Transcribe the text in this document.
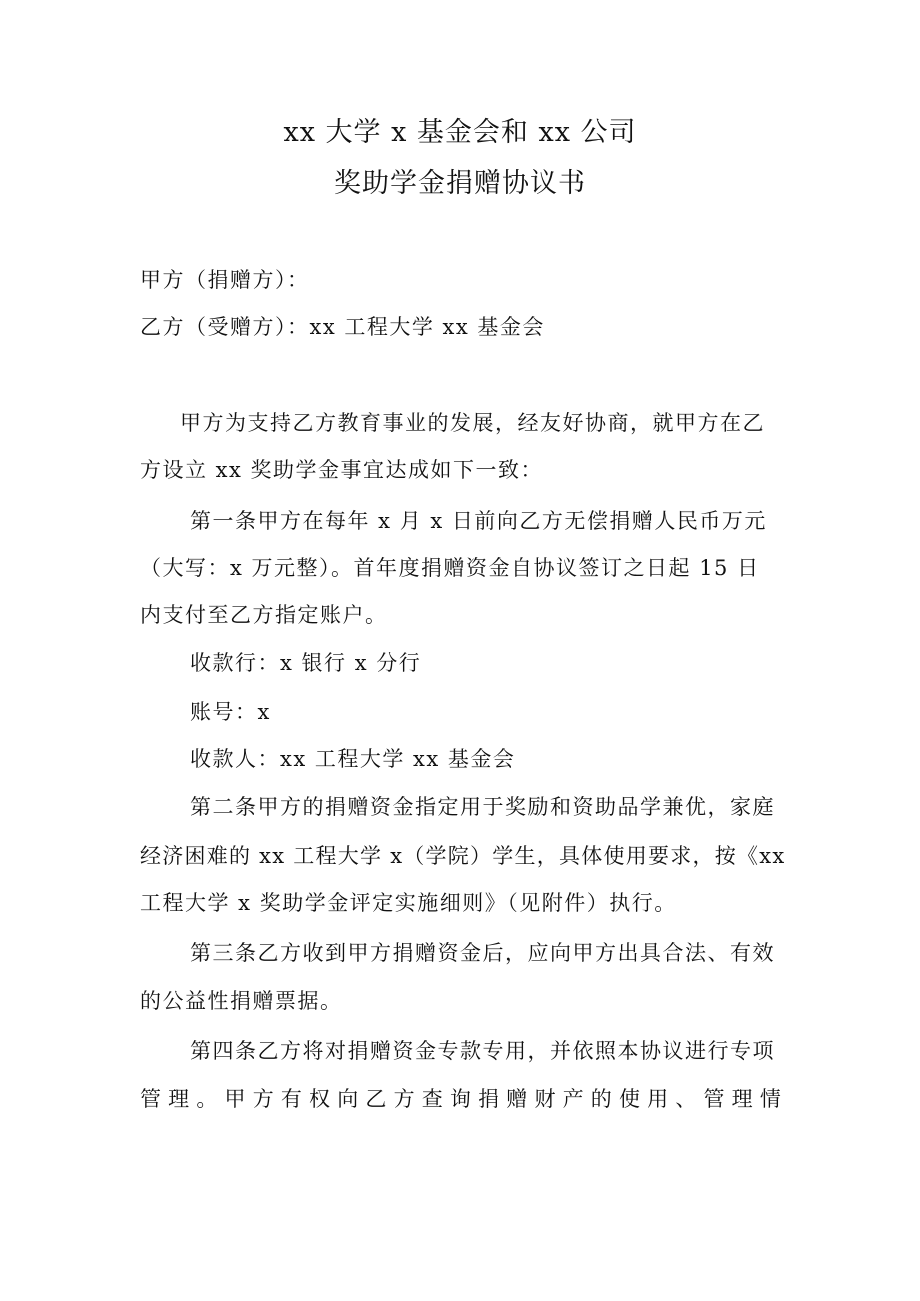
xx 大学 x 基金会和 xx 公司
奖助学金捐赠协议书
甲方（捐赠方）：
乙方（受赠方）：xx 工程大学 xx 基金会
甲方为支持乙方教育事业的发展，经友好协商，就甲方在乙
方设立 xx 奖助学金事宜达成如下一致：
第一条甲方在每年 x 月 x 日前向乙方无偿捐赠人民币万元
（大写：x 万元整）。首年度捐赠资金自协议签订之日起 15 日
内支付至乙方指定账户。
收款行：x 银行 x 分行
账号：x
收款人：xx 工程大学 xx 基金会
第二条甲方的捐赠资金指定用于奖励和资助品学兼优，家庭
经济困难的 xx 工程大学 x（学院）学生，具体使用要求，按《xx
工程大学 x 奖助学金评定实施细则》（见附件）执行。
第三条乙方收到甲方捐赠资金后，应向甲方出具合法、有效
的公益性捐赠票据。
第四条乙方将对捐赠资金专款专用，并依照本协议进行专项
管 理 。 甲 方 有 权 向 乙 方 查 询 捐 赠 财 产 的 使 用 、 管 理 情
